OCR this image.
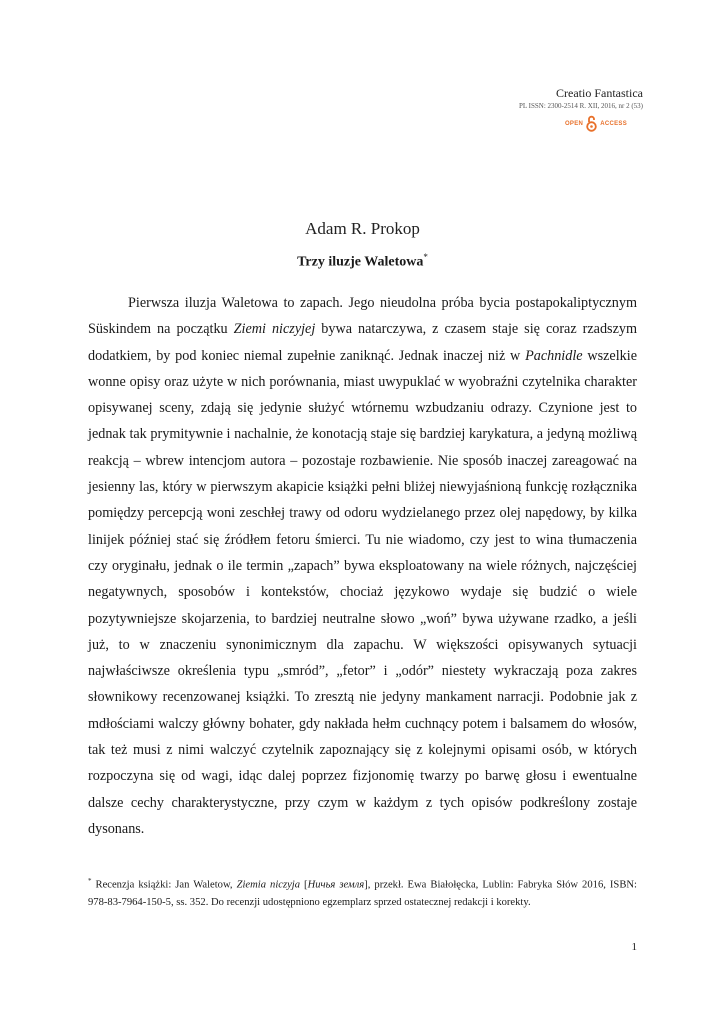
Creatio Fantastica
PL ISSN: 2300-2514 R. XII, 2016, nr 2 (53)
OPEN	ACCESS
Adam R. Prokop
Trzy iluzje Waletowa*

Pierwsza iluzja Waletowa to zapach. Jego nieudolna próba bycia postapokaliptycznym Süskindem na początku Ziemi niczyjej bywa natarczywa, z czasem staje się coraz rzadszym dodatkiem, by pod koniec niemal zupełnie zaniknąć. Jednak inaczej niż w Pachnidle wszelkie wonne opisy oraz użyte w nich porównania, miast uwypuklać w wyobraźni czytelnika charakter opisywanej sceny, zdają się jedynie służyć wtórnemu wzbudzaniu odrazy. Czynione jest to jednak tak prymitywnie i nachalnie, że konotacją staje się bardziej karykatura, a jedyną możliwą reakcją – wbrew intencjom autora – pozostaje rozbawienie. Nie sposób inaczej zareagować na jesienny las, który w pierwszym akapicie książki pełni bliżej niewyjaśnioną funkcję rozłącznika pomiędzy percepcją woni zeschłej trawy od odoru wydzielanego przez olej napędowy, by kilka linijek później stać się źródłem fetoru śmierci. Tu nie wiadomo, czy jest to wina tłumaczenia czy oryginału, jednak o ile termin „zapach” bywa eksploatowany na wiele różnych, najczęściej negatywnych, sposobów i kontekstów, chociaż językowo wydaje się budzić o wiele pozytywniejsze skojarzenia, to bardziej neutralne słowo „woń” bywa używane rzadko, a jeśli już, to w znaczeniu synonimicznym dla zapachu. W większości opisywanych sytuacji najwłaściwsze określenia typu „smród”, „fetor” i „odór” niestety wykraczają poza zakres słownikowy recenzowanej książki. To zresztą nie jedyny mankament narracji. Podobnie jak z mdłościami walczy główny bohater, gdy nakłada hełm cuchnący potem i balsamem do włosów, tak też musi z nimi walczyć czytelnik zapoznający się z kolejnymi opisami osób, w których rozpoczyna się od wagi, idąc dalej poprzez fizjonomię twarzy po barwę głosu i ewentualne dalsze cechy charakterystyczne, przy czym w każdym z tych opisów podkreślony zostaje dysonans.

* Recenzja książki: Jan Waletow, Ziemia niczyja [Ничья земля], przekł. Ewa Białołęcka, Lublin: Fabryka Słów 2016, ISBN: 978-83-7964-150-5, ss. 352. Do recenzji udostępniono egzemplarz sprzed ostatecznej redakcji i korekty.

1
